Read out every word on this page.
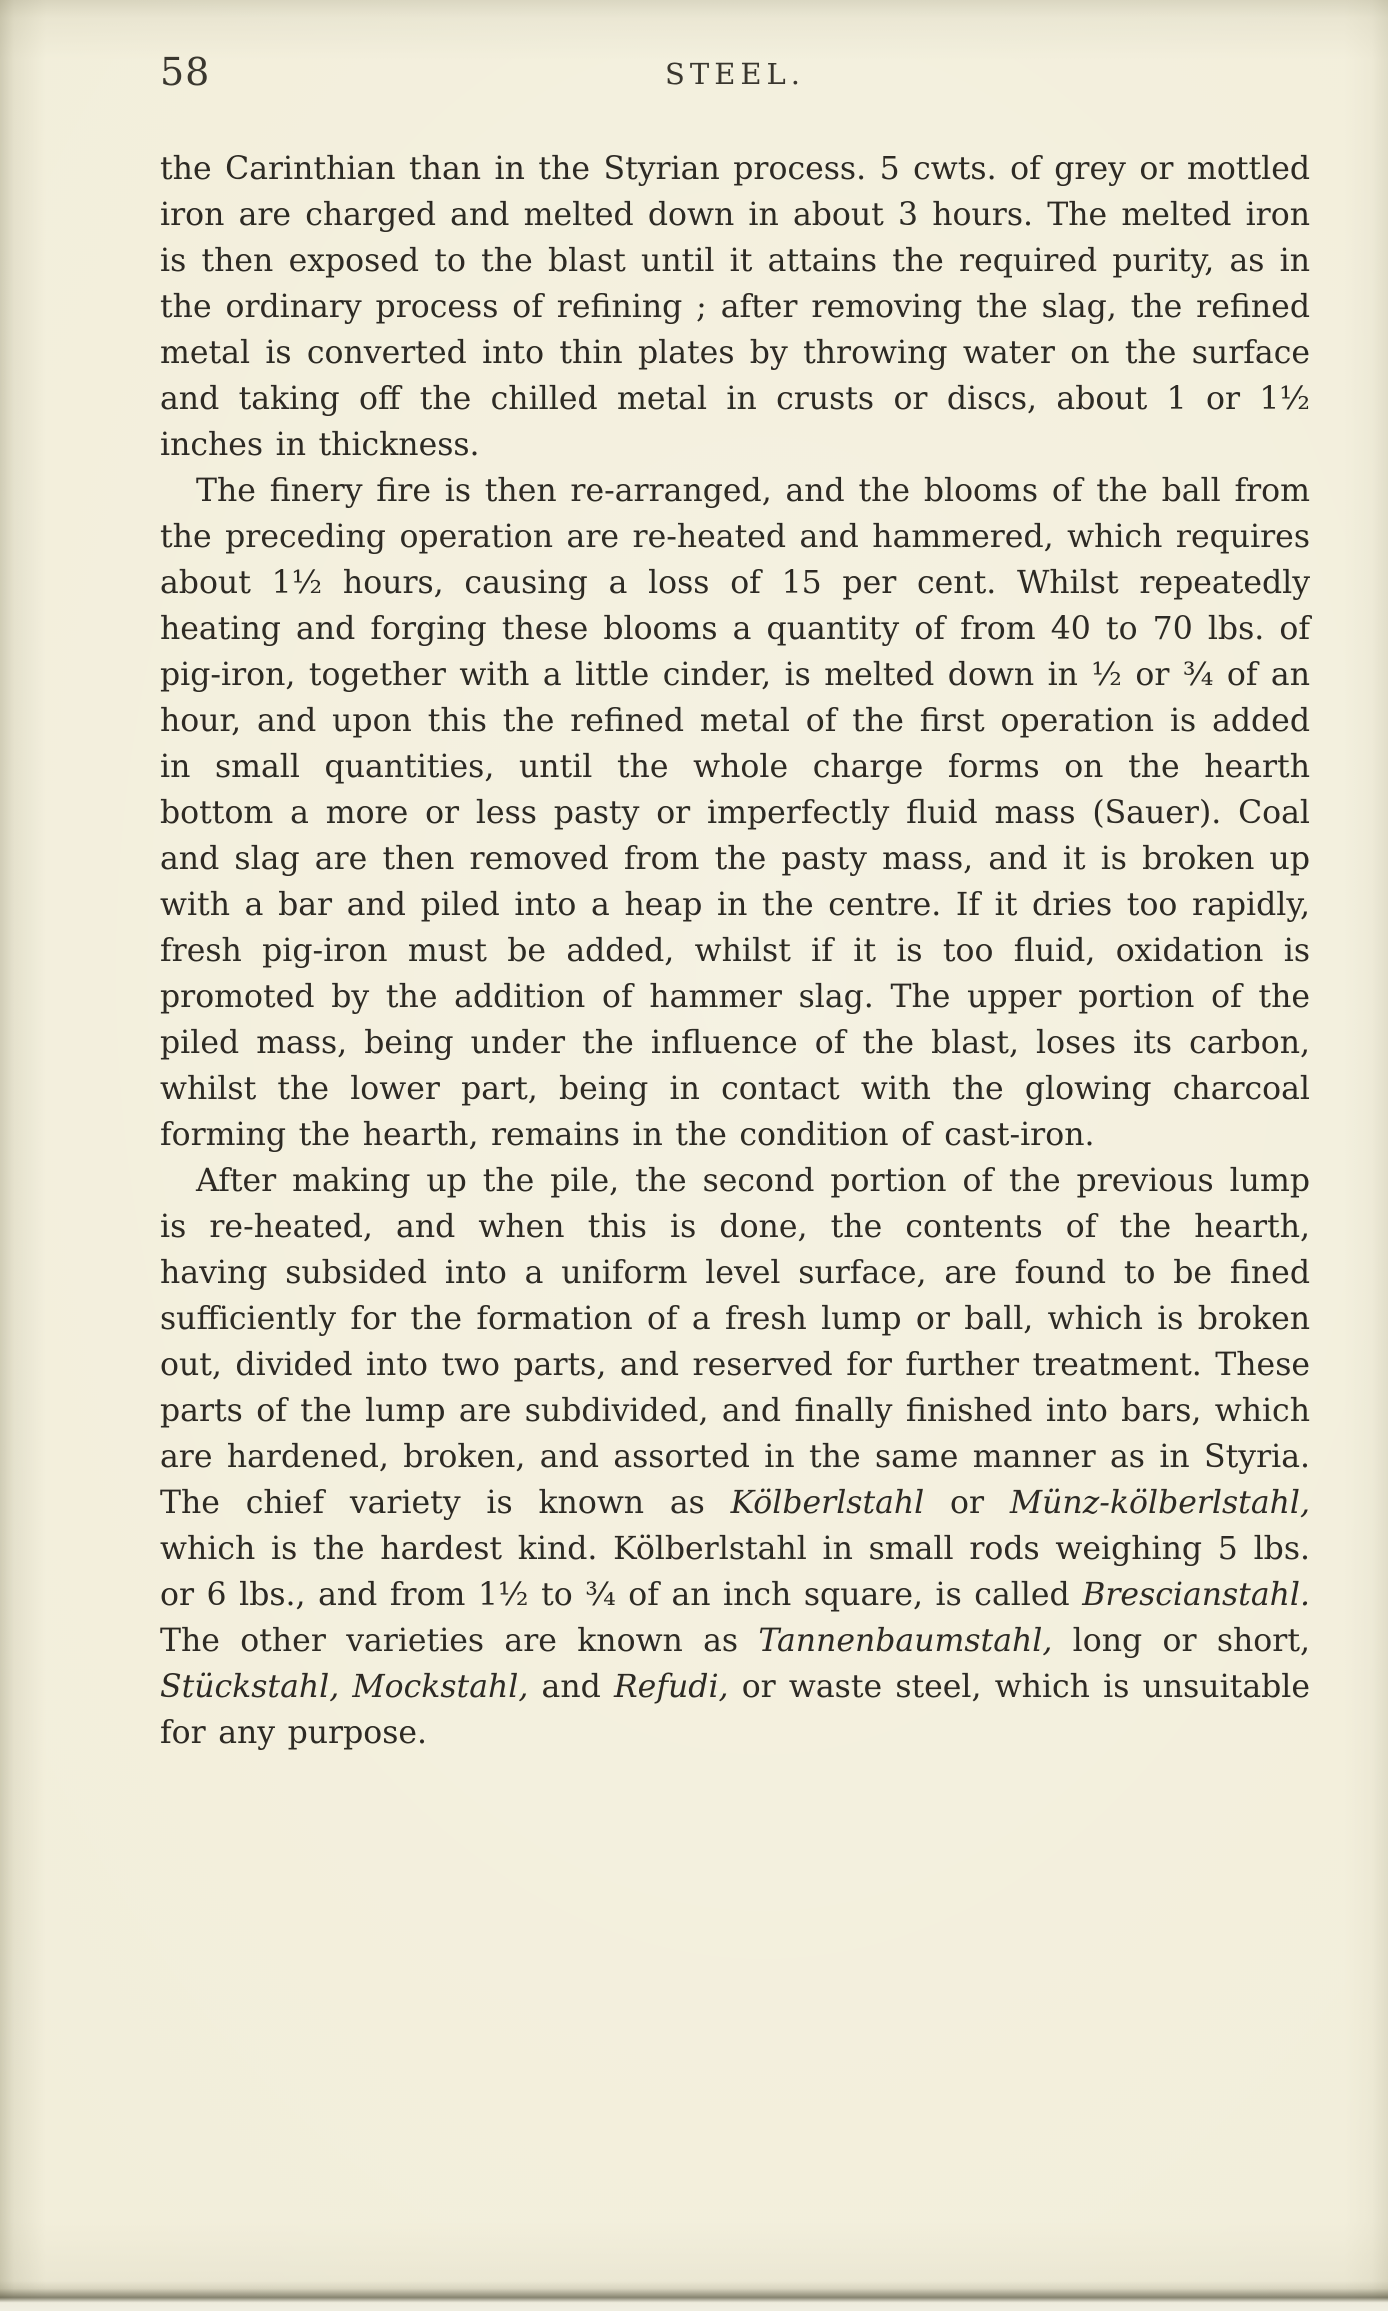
58	STEEL.

the Carinthian than in the Styrian process. 5 cwts. of grey or mottled iron are charged and melted down in about 3 hours. The melted iron is then exposed to the blast until it attains the required purity, as in the ordinary process of refining ; after removing the slag, the refined metal is converted into thin plates by throwing water on the surface and taking off the chilled metal in crusts or discs, about 1 or 1½ inches in thickness.

The finery fire is then re-arranged, and the blooms of the ball from the preceding operation are re-heated and hammered, which requires about 1½ hours, causing a loss of 15 per cent. Whilst repeatedly heating and forging these blooms a quantity of from 40 to 70 lbs. of pig-iron, together with a little cinder, is melted down in ½ or ¾ of an hour, and upon this the refined metal of the first operation is added in small quantities, until the whole charge forms on the hearth bottom a more or less pasty or imperfectly fluid mass (Sauer). Coal and slag are then removed from the pasty mass, and it is broken up with a bar and piled into a heap in the centre. If it dries too rapidly, fresh pig-iron must be added, whilst if it is too fluid, oxidation is promoted by the addition of hammer slag. The upper portion of the piled mass, being under the influence of the blast, loses its carbon, whilst the lower part, being in contact with the glowing charcoal forming the hearth, remains in the condition of cast-iron.

After making up the pile, the second portion of the previous lump is re-heated, and when this is done, the contents of the hearth, having subsided into a uniform level surface, are found to be fined sufficiently for the formation of a fresh lump or ball, which is broken out, divided into two parts, and reserved for further treatment. These parts of the lump are subdivided, and finally finished into bars, which are hardened, broken, and assorted in the same manner as in Styria. The chief variety is known as Kölberlstahl or Münz-kölberlstahl, which is the hardest kind. Kölberlstahl in small rods weighing 5 lbs. or 6 lbs., and from 1½ to ¾ of an inch square, is called Brescianstahl. The other varieties are known as Tannenbaumstahl, long or short, Stückstahl, Mockstahl, and Refudi, or waste steel, which is unsuitable for any purpose.
